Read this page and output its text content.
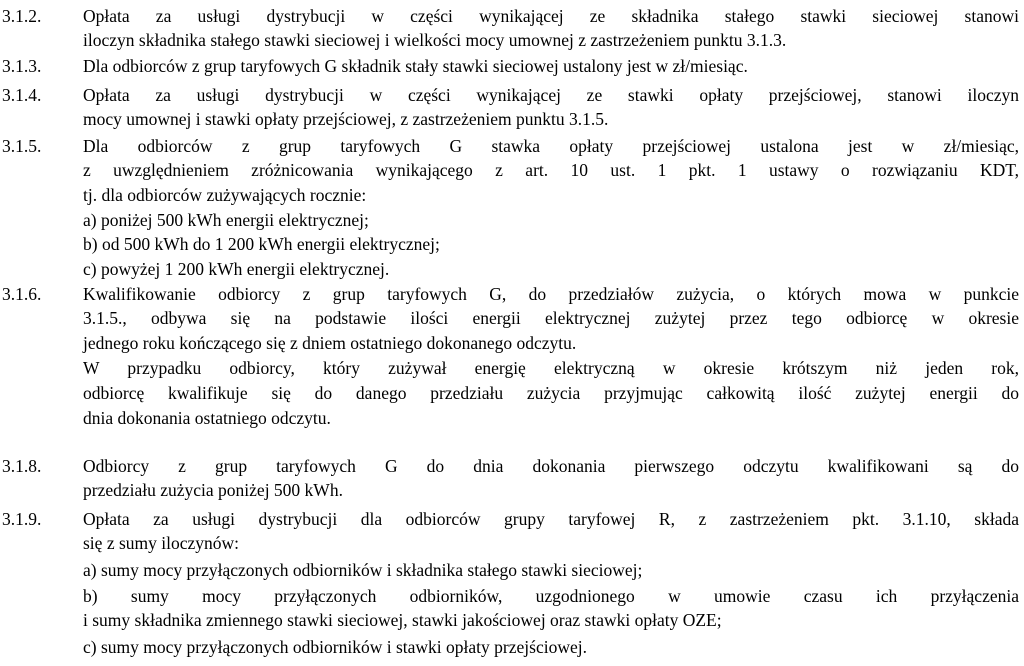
3.1.2.	Opłata za usługi dystrybucji w części wynikającej ze składnika stałego stawki sieciowej stanowi
iloczyn składnika stałego stawki sieciowej i wielkości mocy umownej z zastrzeżeniem punktu 3.1.3.
3.1.3.	Dla odbiorców z grup taryfowych G składnik stały stawki sieciowej ustalony jest w zł/miesiąc.
3.1.4.	Opłata za usługi dystrybucji w części wynikającej ze stawki opłaty przejściowej, stanowi iloczyn
mocy umownej i stawki opłaty przejściowej, z zastrzeżeniem punktu 3.1.5.
3.1.5.	Dla odbiorców z grup taryfowych G stawka opłaty przejściowej ustalona jest w zł/miesiąc,
z uwzględnieniem zróżnicowania wynikającego z art. 10 ust. 1 pkt. 1 ustawy o rozwiązaniu KDT,
tj. dla odbiorców zużywających rocznie:
a) poniżej 500 kWh energii elektrycznej;
b) od 500 kWh do 1 200 kWh energii elektrycznej;
c) powyżej 1 200 kWh energii elektrycznej.
3.1.6.	Kwalifikowanie odbiorcy z grup taryfowych G, do przedziałów zużycia, o których mowa w punkcie
3.1.5., odbywa się na podstawie ilości energii elektrycznej zużytej przez tego odbiorcę w okresie
jednego roku kończącego się z dniem ostatniego dokonanego odczytu.
W przypadku odbiorcy, który zużywał energię elektryczną w okresie krótszym niż jeden rok,
odbiorcę kwalifikuje się do danego przedziału zużycia przyjmując całkowitą ilość zużytej energii do
dnia dokonania ostatniego odczytu.
3.1.8.	Odbiorcy z grup taryfowych G do dnia dokonania pierwszego odczytu kwalifikowani są do
przedziału zużycia poniżej 500 kWh.
3.1.9.	Opłata za usługi dystrybucji dla odbiorców grupy taryfowej R, z zastrzeżeniem pkt. 3.1.10, składa
się z sumy iloczynów:
a) sumy mocy przyłączonych odbiorników i składnika stałego stawki sieciowej;
b) sumy mocy przyłączonych odbiorników, uzgodnionego w umowie czasu ich przyłączenia
i sumy składnika zmiennego stawki sieciowej, stawki jakościowej oraz stawki opłaty OZE;
c) sumy mocy przyłączonych odbiorników i stawki opłaty przejściowej.
